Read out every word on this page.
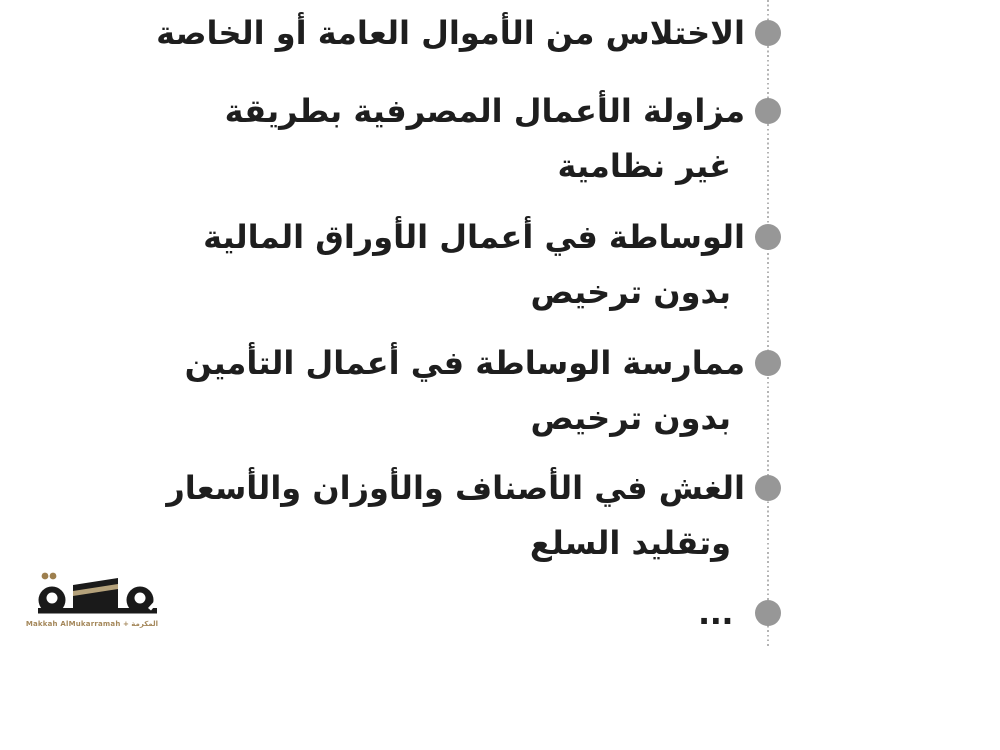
الاختلاس من الأموال العامة أو الخاصة
مزاولة الأعمال المصرفية بطريقة
غير نظامية
الوساطة في أعمال الأوراق المالية
بدون ترخيص
ممارسة الوساطة في أعمال التأمين
بدون ترخيص
الغش في الأصناف والأوزان والأسعار
وتقليد السلع
...
المكرمة + Makkah AlMukarramah
